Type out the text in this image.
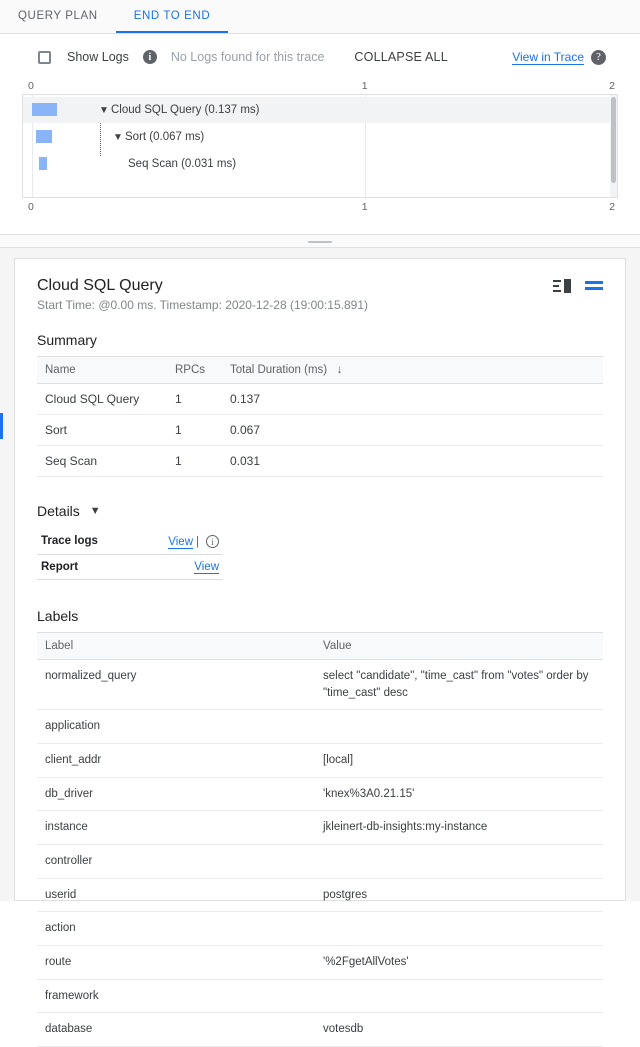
QUERY PLAN	END TO END
Show Logs	i	No Logs found for this trace COLLAPSE ALL	View in Trace	?
0	1	2
▼ Cloud SQL Query (0.137 ms)
▼ Sort (0.067 ms)
Seq Scan (0.031 ms)
0	1	2
Cloud SQL Query

Start Time: @0.00 ms. Timestamp: 2020-12-28 (19:00:15.891)

Summary
Name	RPCs	Total Duration (ms)   ↓
Cloud SQL Query	1	0.137
Sort	1	0.067
Seq Scan	1	0.031
Details ▼
Trace logs	View | i
Report	View
Labels
Label	Value
normalized_query	select "candidate", "time_cast" from "votes" order by "time_cast" desc
application	
client_addr	[local]
db_driver	'knex%3A0.21.15'
instance	jkleinert-db-insights:my-instance
controller	
userid	postgres
action	
route	'%2FgetAllVotes'
framework	
database	votesdb
